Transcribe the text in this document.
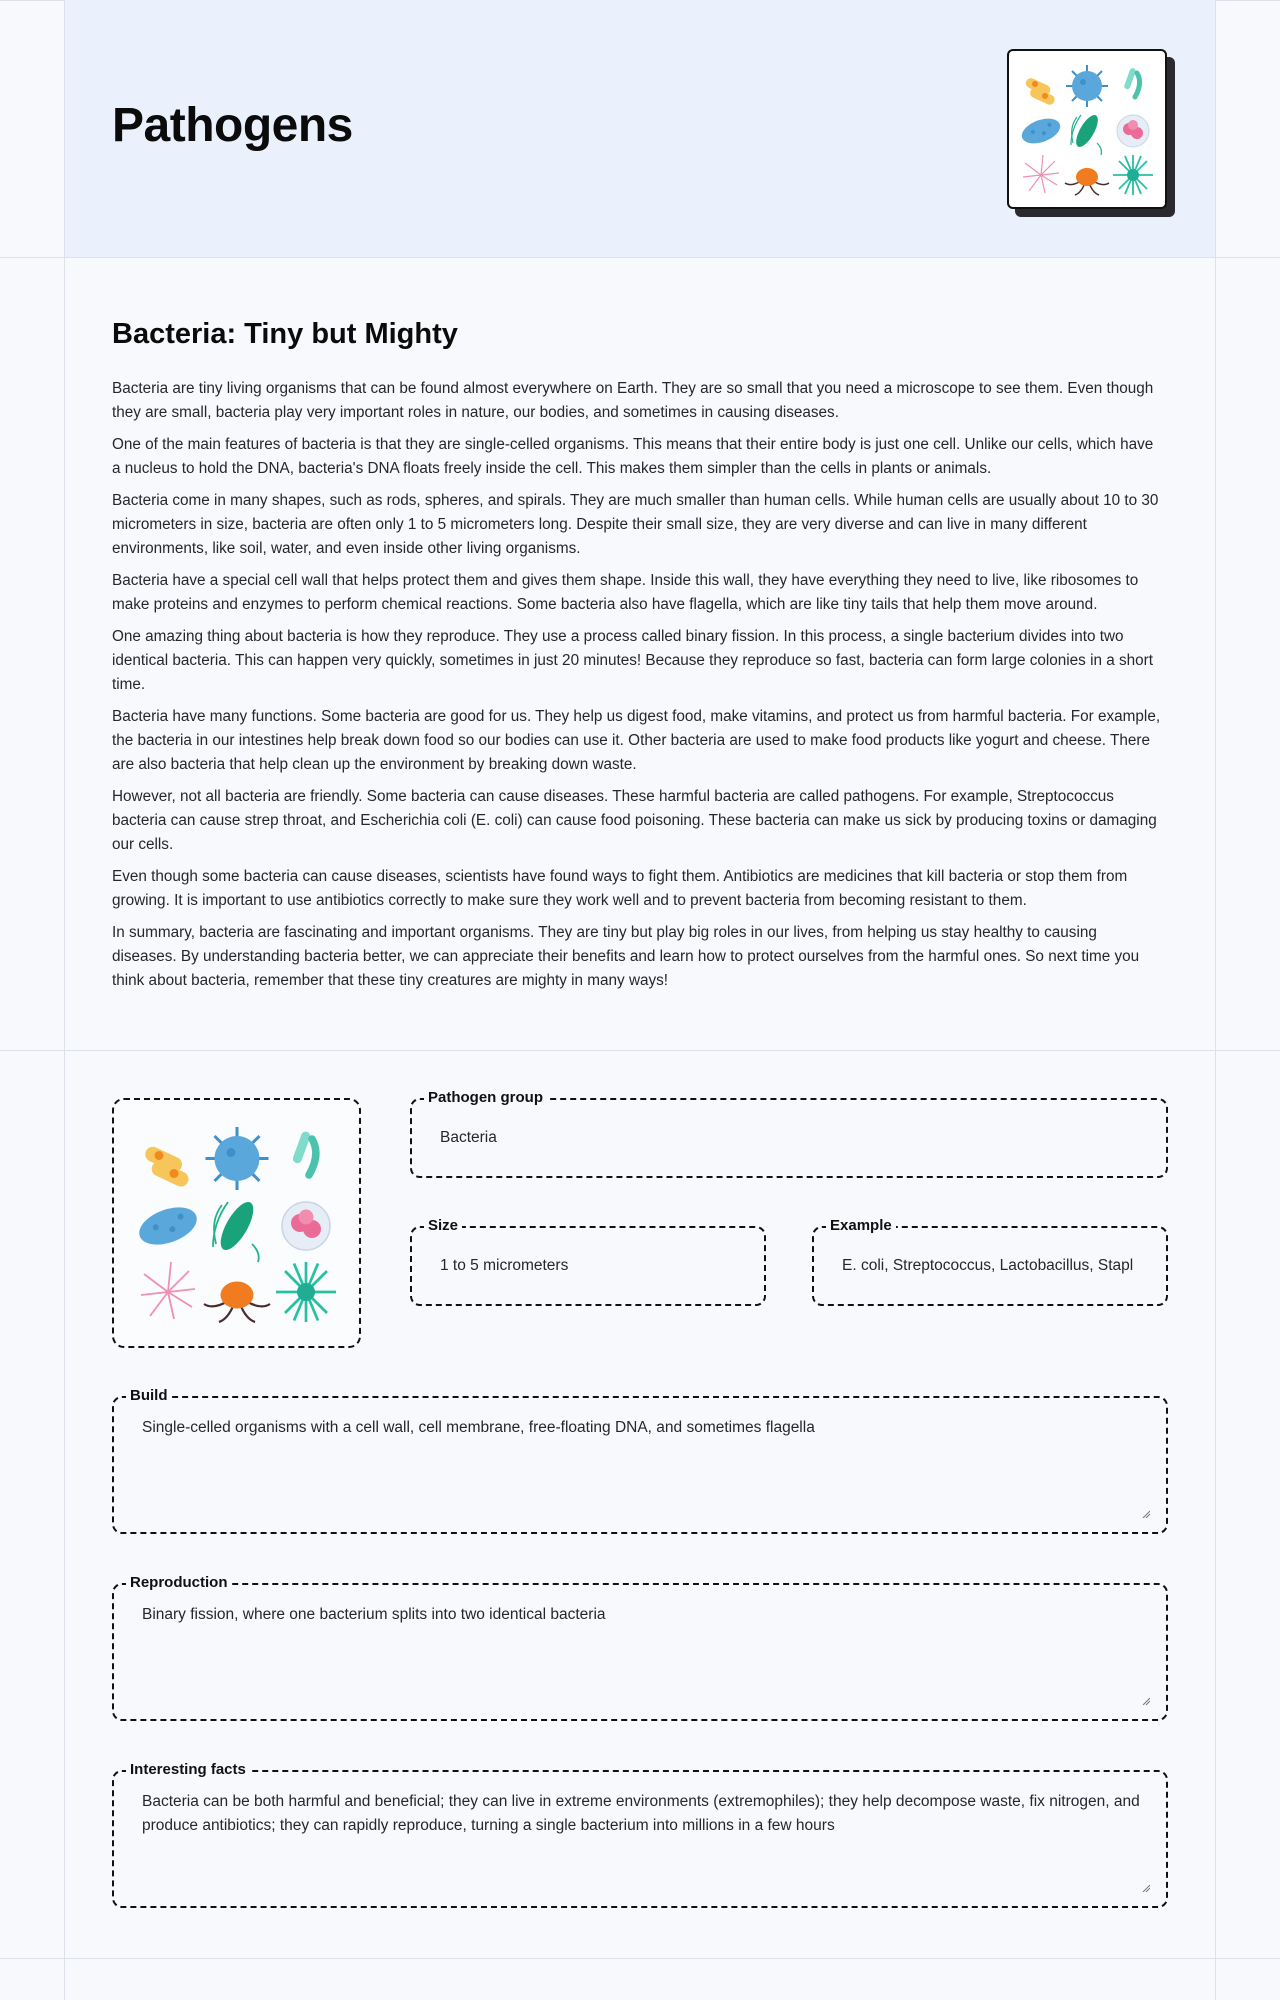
Pathogens
Bacteria: Tiny but Mighty

Bacteria are tiny living organisms that can be found almost everywhere on Earth. They are so small that you need a microscope to see them. Even though they are small, bacteria play very important roles in nature, our bodies, and sometimes in causing diseases.

One of the main features of bacteria is that they are single-celled organisms. This means that their entire body is just one cell. Unlike our cells, which have a nucleus to hold the DNA, bacteria's DNA floats freely inside the cell. This makes them simpler than the cells in plants or animals.

Bacteria come in many shapes, such as rods, spheres, and spirals. They are much smaller than human cells. While human cells are usually about 10 to 30 micrometers in size, bacteria are often only 1 to 5 micrometers long. Despite their small size, they are very diverse and can live in many different environments, like soil, water, and even inside other living organisms.

Bacteria have a special cell wall that helps protect them and gives them shape. Inside this wall, they have everything they need to live, like ribosomes to make proteins and enzymes to perform chemical reactions. Some bacteria also have flagella, which are like tiny tails that help them move around.

One amazing thing about bacteria is how they reproduce. They use a process called binary fission. In this process, a single bacterium divides into two identical bacteria. This can happen very quickly, sometimes in just 20 minutes! Because they reproduce so fast, bacteria can form large colonies in a short time.

Bacteria have many functions. Some bacteria are good for us. They help us digest food, make vitamins, and protect us from harmful bacteria. For example, the bacteria in our intestines help break down food so our bodies can use it. Other bacteria are used to make food products like yogurt and cheese. There are also bacteria that help clean up the environment by breaking down waste.

However, not all bacteria are friendly. Some bacteria can cause diseases. These harmful bacteria are called pathogens. For example, Streptococcus bacteria can cause strep throat, and Escherichia coli (E. coli) can cause food poisoning. These bacteria can make us sick by producing toxins or damaging our cells.

Even though some bacteria can cause diseases, scientists have found ways to fight them. Antibiotics are medicines that kill bacteria or stop them from growing. It is important to use antibiotics correctly to make sure they work well and to prevent bacteria from becoming resistant to them.

In summary, bacteria are fascinating and important organisms. They are tiny but play big roles in our lives, from helping us stay healthy to causing diseases. By understanding bacteria better, we can appreciate their benefits and learn how to protect ourselves from the harmful ones. So next time you think about bacteria, remember that these tiny creatures are mighty in many ways!

Pathogen group
Bacteria
Size
1 to 5 micrometers
Example
E. coli, Streptococcus, Lactobacillus, Stapl
Build
Single-celled organisms with a cell wall, cell membrane, free-floating DNA, and sometimes flagella
Reproduction
Binary fission, where one bacterium splits into two identical bacteria
Interesting facts
Bacteria can be both harmful and beneficial; they can live in extreme environments (extremophiles); they help decompose waste, fix nitrogen, and produce antibiotics; they can rapidly reproduce, turning a single bacterium into millions in a few hours
